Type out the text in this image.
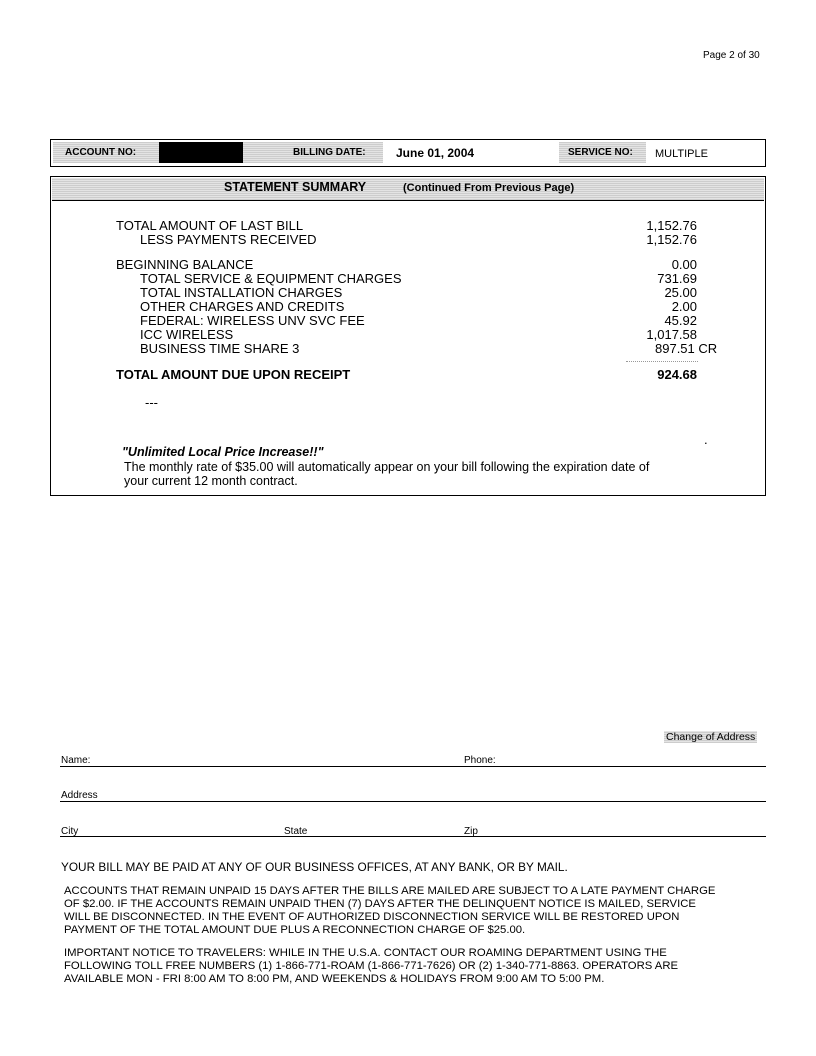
Page 2 of 30
ACCOUNT NO:	BILLING DATE:	June 01, 2004	SERVICE NO: MULTIPLE
STATEMENT SUMMARY	(Continued From Previous Page)
TOTAL AMOUNT OF LAST BILL	1,152.76
LESS PAYMENTS RECEIVED	1,152.76
BEGINNING BALANCE	0.00
TOTAL SERVICE & EQUIPMENT CHARGES	731.69
TOTAL INSTALLATION CHARGES	25.00
OTHER CHARGES AND CREDITS	2.00
FEDERAL: WIRELESS UNV SVC FEE	45.92
ICC WIRELESS	1,017.58
BUSINESS TIME SHARE 3	897.51 CR
TOTAL AMOUNT DUE UPON RECEIPT	924.68
---
.
"Unlimited Local Price Increase!!"
The monthly rate of $35.00 will automatically appear on your bill following the expiration date of
your current 12 month contract.
Change of Address
Name:	Phone:
Address
City	State	Zip
YOUR BILL MAY BE PAID AT ANY OF OUR BUSINESS OFFICES, AT ANY BANK, OR BY MAIL.
ACCOUNTS THAT REMAIN UNPAID 15 DAYS AFTER THE BILLS ARE MAILED ARE SUBJECT TO A LATE PAYMENT CHARGE
OF $2.00. IF THE ACCOUNTS REMAIN UNPAID THEN (7) DAYS AFTER THE DELINQUENT NOTICE IS MAILED, SERVICE
WILL BE DISCONNECTED. IN THE EVENT OF AUTHORIZED DISCONNECTION SERVICE WILL BE RESTORED UPON
PAYMENT OF THE TOTAL AMOUNT DUE PLUS A RECONNECTION CHARGE OF $25.00.
IMPORTANT NOTICE TO TRAVELERS: WHILE IN THE U.S.A. CONTACT OUR ROAMING DEPARTMENT USING THE
FOLLOWING TOLL FREE NUMBERS (1) 1-866-771-ROAM (1-866-771-7626) OR (2) 1-340-771-8863. OPERATORS ARE
AVAILABLE MON - FRI 8:00 AM TO 8:00 PM, AND WEEKENDS & HOLIDAYS FROM 9:00 AM TO 5:00 PM.
